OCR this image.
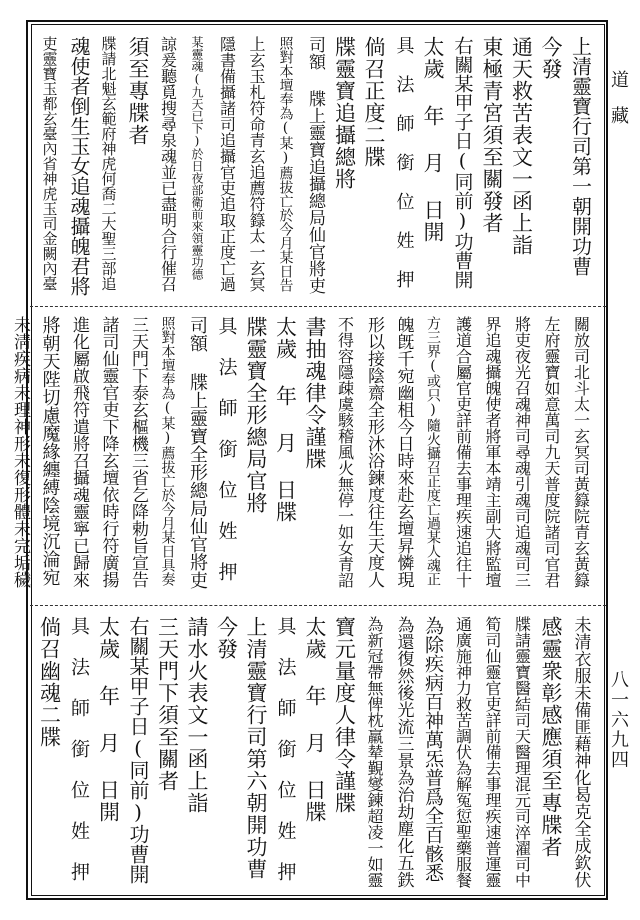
道藏
八一六九四
上清靈寶行司第一朝開功曹
今發
通天救苦表文一函上詣
東極青宮須至關發者
右關某甲子日(同前)功曹開
太歲 年 月 日開
具 法 師 銜 位 姓 押
倘召正度二牒
牒靈寶追攝總將
司額 牒上靈寶追攝總局仙官將吏
照對本壇奉為(某)薦拔亡於今月某日告
上玄玉札符命青玄追薦符籙太一玄冥
隱書備攝諸司追攝官吏追取正度亡過
某靈魂(九天已下)於日夜部衛前來領靈功德
諒爰聽覓搜尋泉魂並已盡明合行催召
須至專牒者
牒請北魁玄範府神虎何喬二大聖三部追
魂使者倒生玉女追魂攝魄君將
吏靈寶玉都玄臺內省神虎玉司金闕內臺
關放司北斗太一玄冥司黃籙院青玄黃籙
左府靈寶如意萬司九天普度院諸司官君
將吏夜光召魂神司尋魂引魂司追魂司三
界追魂攝魄使者將軍本靖主副大將監壇
護道合屬官吏詳前備去事理疾速追往十
方三界(或只)隨火攝召正度亡過某人魂正
魄旣千宛幽柤今日時來赴玄壇昇憐現
形以接陰齋全形沐浴鍊度往生天度人
不得容隱疎虞駭稽風火無停一如女青詔
書抽魂律令謹牒
太歲 年 月 日牒
牒靈寶全形總局官將
具 法 師 銜 位 姓 押
司額 牒上靈寶全形總局仙官將吏
照對本壇奉為(某)薦拔亡於今月某日具奏
三天門下泰玄樞機三省乞降勅旨宣告
諸司仙靈官吏下降玄壇依時行符廣揚
進化屬啟飛符遣將召攝魂靈寧已歸來
將朝天陛切慮魔緣纏縛陰境沉淪宛
未淸疾病未理神形未復形體未完垢穢
未清衣服未備匪藉神化曷克全成欽伏
感靈衆彰感應須至專牒者
牒請靈寶醫結司天醫理混元司淬濯司中
筍司仙靈官吏詳前備去事理疾速普運靈
通廣施神力救苦調伏為解冤愆聖藥服餐
為除疾病百神萬炁普爲全百骸悉
為還復然後光流三景為治劫塵化五鉄
為新冠帶無俾枕羸辇覲燮鍊超凌一如靈
寶元量度人律令謹牒
太歲 年 月 日牒
具 法 師 銜 位 姓 押
上清靈寶行司第六朝開功曹
今發
請水火表文一函上詣
三天門下須至關者
右關某甲子日(同前)功曹開
太歲 年 月 日開
具 法 師 銜 位 姓 押
倘召幽魂二牒
